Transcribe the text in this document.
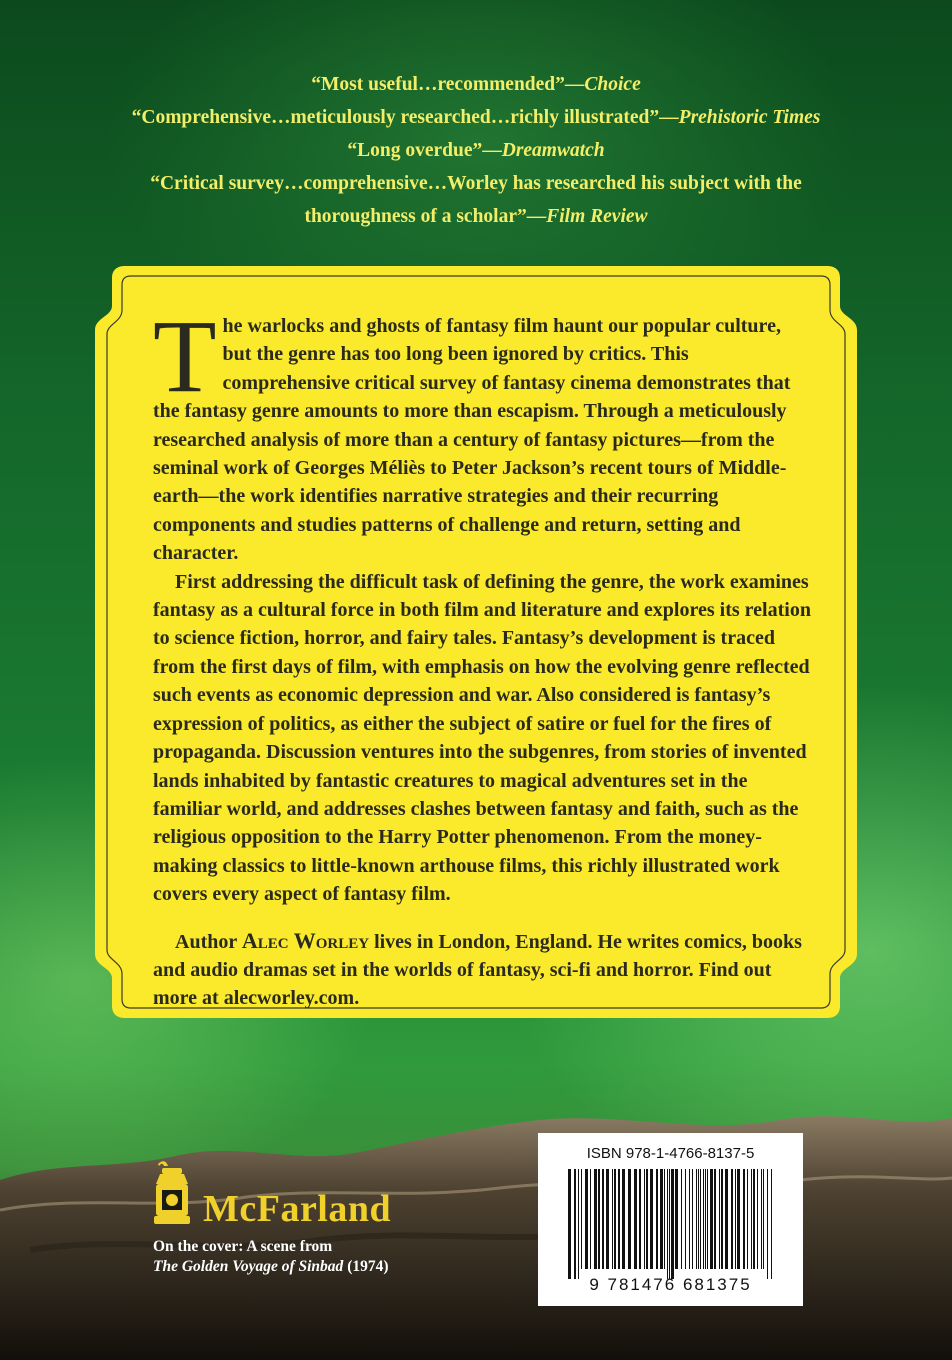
“Most useful…recommended”—Choice
“Comprehensive…meticulously researched…richly illustrated”—Prehistoric Times
“Long overdue”—Dreamwatch
“Critical survey…comprehensive…Worley has researched his subject with the thoroughness of a scholar”—Film Review

The warlocks and ghosts of fantasy film haunt our popular culture, but the genre has too long been ignored by critics. This comprehensive critical survey of fantasy cinema demonstrates that the fantasy genre amounts to more than escapism. Through a meticulously researched analysis of more than a century of fantasy pictures—from the seminal work of Georges Méliès to Peter Jackson’s recent tours of Middle-earth—the work identifies narrative strategies and their recurring components and studies patterns of challenge and return, setting and character.

First addressing the difficult task of defining the genre, the work examines fantasy as a cultural force in both film and literature and explores its relation to science fiction, horror, and fairy tales. Fantasy’s development is traced from the first days of film, with emphasis on how the evolving genre reflected such events as economic depression and war. Also considered is fantasy’s expression of politics, as either the subject of satire or fuel for the fires of propaganda. Discussion ventures into the subgenres, from stories of invented lands inhabited by fantastic creatures to magical adventures set in the familiar world, and addresses clashes between fantasy and faith, such as the religious opposition to the Harry Potter phenomenon. From the money-making classics to little-known arthouse films, this richly illustrated work covers every aspect of fantasy film.

Author Alec Worley lives in London, England. He writes comics, books and audio dramas set in the worlds of fantasy, sci-fi and horror. Find out more at alecworley.com.

McFarland
On the cover: A scene from
The Golden Voyage of Sinbad (1974)
ISBN 978-1-4766-8137-5
9 781476 681375
